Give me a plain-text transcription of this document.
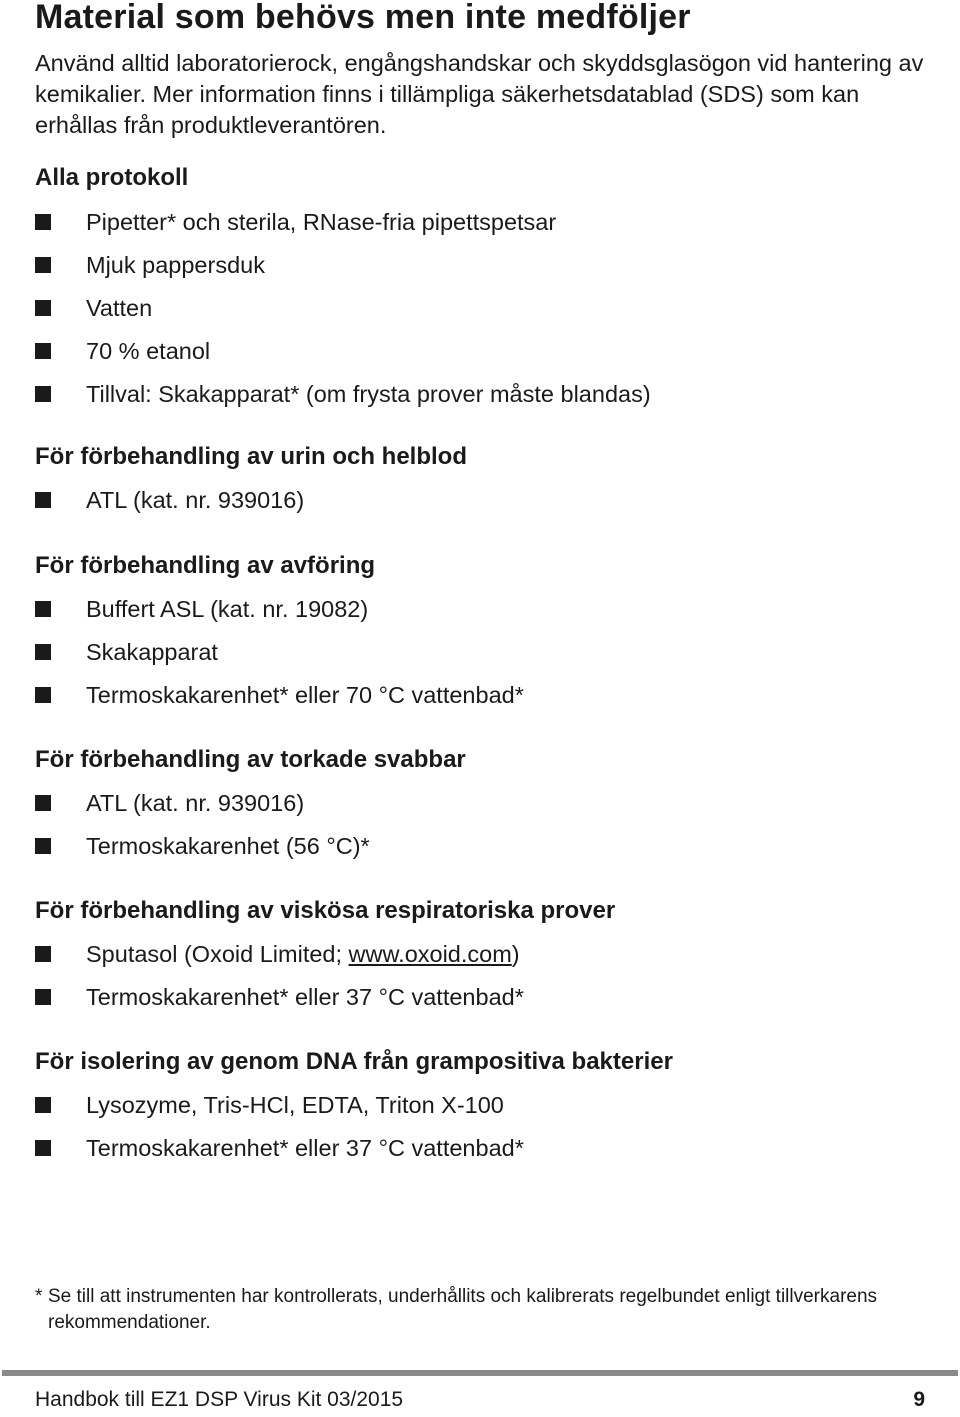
Material som behövs men inte medföljer

Använd alltid laboratorierock, engångshandskar och skyddsglasögon vid hantering av kemikalier. Mer information finns i tillämpliga säkerhetsdatablad (SDS) som kan erhållas från produktleverantören.

Alla protokoll
Pipetter* och sterila, RNase-fria pipettspetsar
Mjuk pappersduk
Vatten
70 % etanol
Tillval: Skakapparat* (om frysta prover måste blandas)
För förbehandling av urin och helblod
ATL (kat. nr. 939016)
För förbehandling av avföring
Buffert ASL (kat. nr. 19082)
Skakapparat
Termoskakarenhet* eller 70 °C vattenbad*
För förbehandling av torkade svabbar
ATL (kat. nr. 939016)
Termoskakarenhet (56 °C)*
För förbehandling av viskösa respiratoriska prover
Sputasol (Oxoid Limited; www.oxoid.com)
Termoskakarenhet* eller 37 °C vattenbad*
För isolering av genom DNA från grampositiva bakterier
Lysozyme, Tris-HCl, EDTA, Triton X-100
Termoskakarenhet* eller 37 °C vattenbad*
* Se till att instrumenten har kontrollerats, underhållits och kalibrerats regelbundet enligt tillverkarens rekommendationer.
Handbok till EZ1 DSP Virus Kit 03/2015	9
